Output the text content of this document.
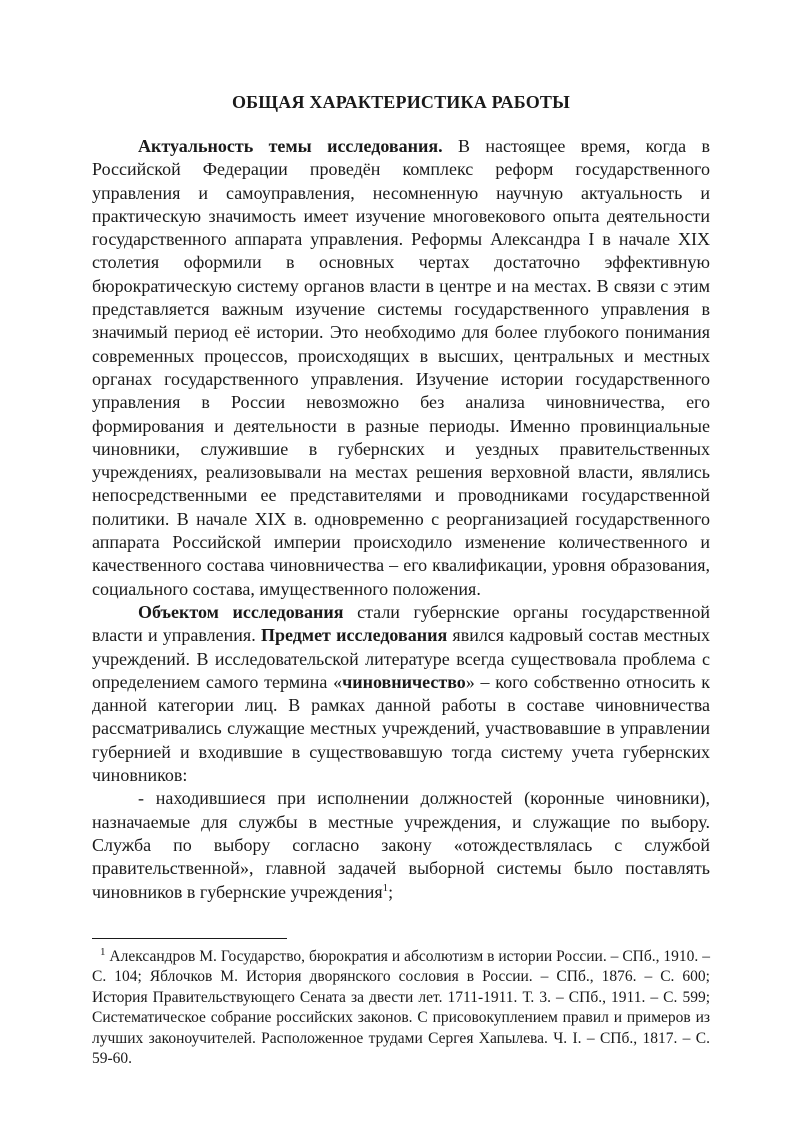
ОБЩАЯ ХАРАКТЕРИСТИКА РАБОТЫ

Актуальность темы исследования. В настоящее время, когда в Российской Федерации проведён комплекс реформ государственного управления и самоуправления, несомненную научную актуальность и практическую значимость имеет изучение многовекового опыта деятельности государственного аппарата управления. Реформы Александра I в начале XIX столетия оформили в основных чертах достаточно эффективную бюрократическую систему органов власти в центре и на местах. В связи с этим представляется важным изучение системы государственного управления в значимый период её истории. Это необходимо для более глубокого понимания современных процессов, происходящих в высших, центральных и местных органах государственного управления. Изучение истории государственного управления в России невозможно без анализа чиновничества, его формирования и деятельности в разные периоды. Именно провинциальные чиновники, служившие в губернских и уездных правительственных учреждениях, реализовывали на местах решения верховной власти, являлись непосредственными ее представителями и проводниками государственной политики. В начале XIX в. одновременно с реорганизацией государственного аппарата Российской империи происходило изменение количественного и качественного состава чиновничества – его квалификации, уровня образования, социального состава, имущественного положения.

Объектом исследования стали губернские органы государственной власти и управления. Предмет исследования явился кадровый состав местных учреждений. В исследовательской литературе всегда существовала проблема с определением самого термина «чиновничество» – кого собственно относить к данной категории лиц. В рамках данной работы в составе чиновничества рассматривались служащие местных учреждений, участвовавшие в управлении губернией и входившие в существовавшую тогда систему учета губернских чиновников:

- находившиеся при исполнении должностей (коронные чиновники), назначаемые для службы в местные учреждения, и служащие по выбору. Служба по выбору согласно закону «отождествлялась с службой правительственной», главной задачей выборной системы было поставлять чиновников в губернские учреждения$^1$;

$^1$ Александров М. Государство, бюрократия и абсолютизм в истории России. – СПб., 1910. – С. 104; Яблочков М. История дворянского сословия в России. – СПб., 1876. – С. 600; История Правительствующего Сената за двести лет. 1711-1911. Т. 3. – СПб., 1911. – С. 599; Систематическое собрание российских законов. С присовокуплением правил и примеров из лучших законоучителей. Расположенное трудами Сергея Хапылева. Ч. I. – СПб., 1817. – С. 59-60.
